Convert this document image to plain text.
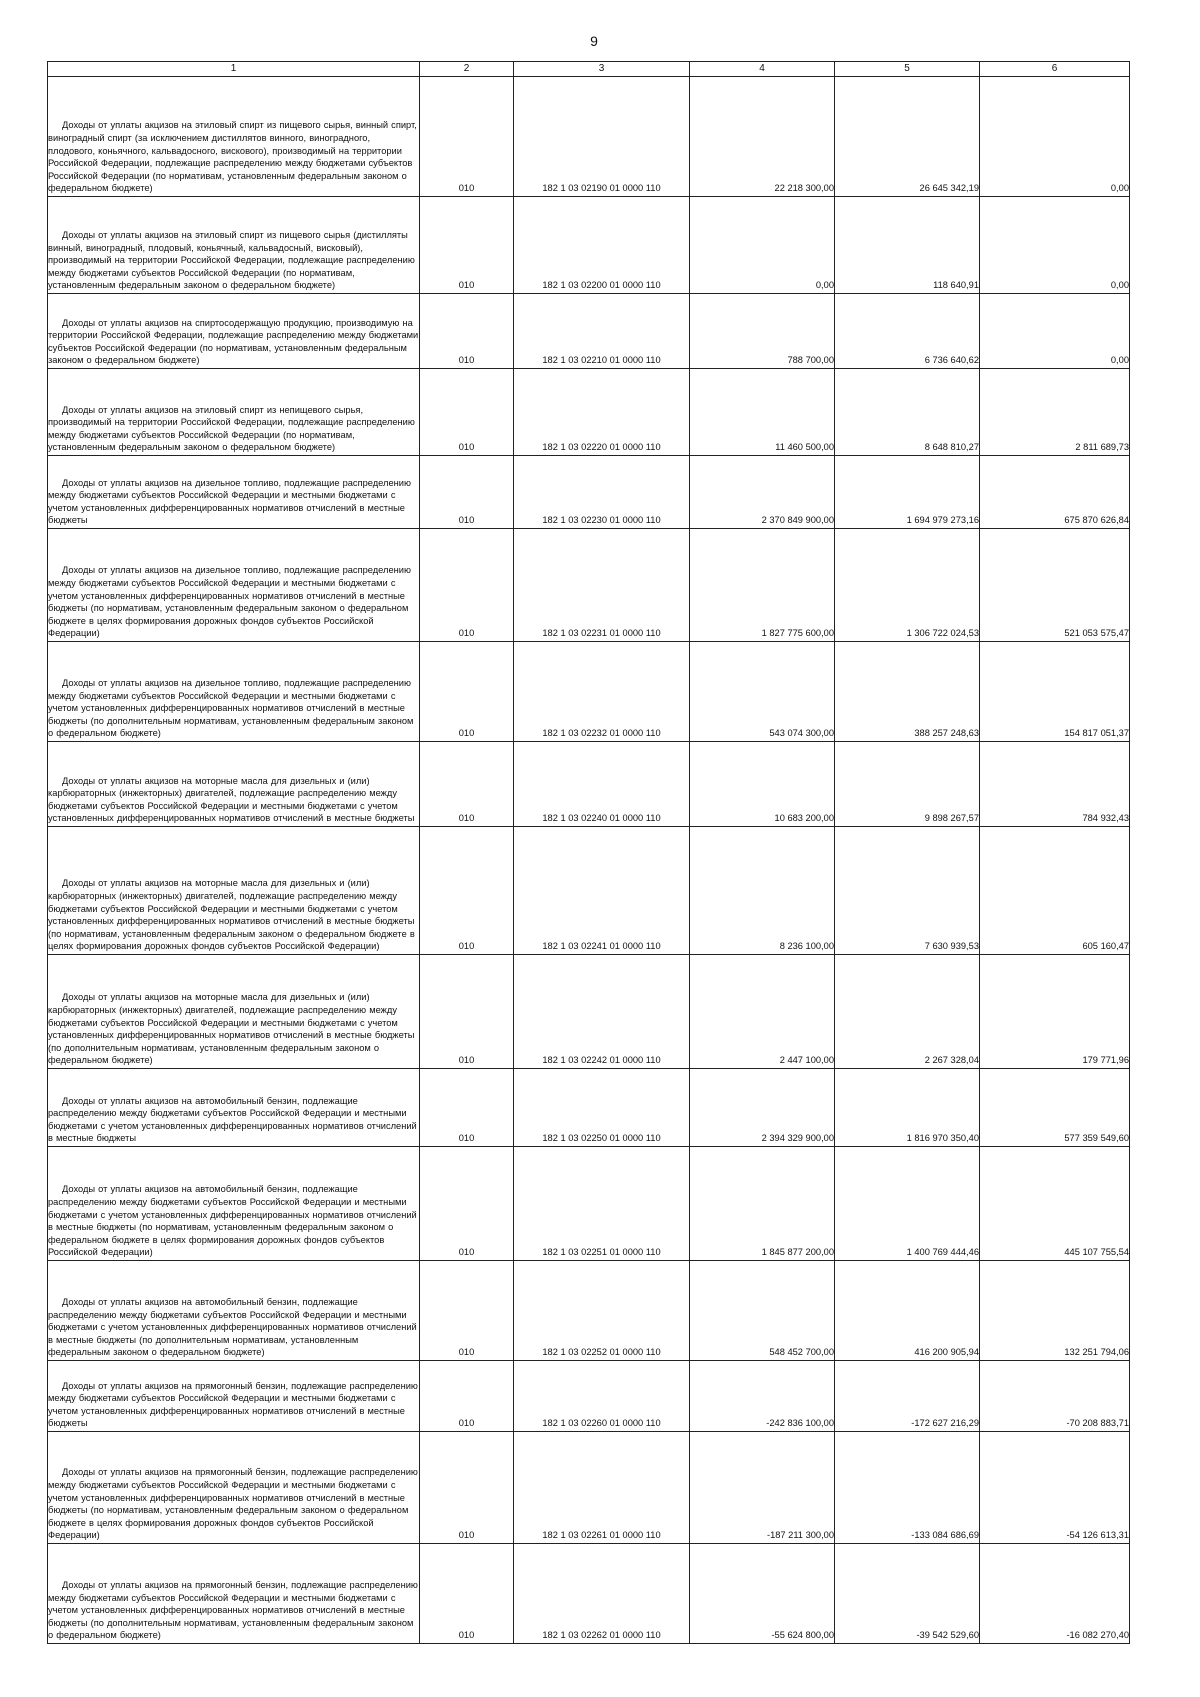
9
1	2	3	4	5	6
Доходы от уплаты акцизов на этиловый спирт из пищевого сырья, винный спирт, виноградный спирт (за исключением дистиллятов винного, виноградного, плодового, коньячного, кальвадосного, вискового), производимый на территории Российской Федерации, подлежащие распределению между бюджетами субъектов Российской Федерации (по нормативам, установленным федеральным законом о федеральном бюджете)	010	182 1 03 02190 01 0000 110	22 218 300,00	26 645 342,19	0,00
Доходы от уплаты акцизов на этиловый спирт из пищевого сырья (дистилляты винный, виноградный, плодовый, коньячный, кальвадосный, висковый), производимый на территории Российской Федерации, подлежащие распределению между бюджетами субъектов Российской Федерации (по нормативам, установленным федеральным законом о федеральном бюджете)	010	182 1 03 02200 01 0000 110	0,00	118 640,91	0,00
Доходы от уплаты акцизов на спиртосодержащую продукцию, производимую на территории Российской Федерации, подлежащие распределению между бюджетами субъектов Российской Федерации (по нормативам, установленным федеральным законом о федеральном бюджете)	010	182 1 03 02210 01 0000 110	788 700,00	6 736 640,62	0,00
Доходы от уплаты акцизов на этиловый спирт из непищевого сырья, производимый на территории Российской Федерации, подлежащие распределению между бюджетами субъектов Российской Федерации (по нормативам, установленным федеральным законом о федеральном бюджете)	010	182 1 03 02220 01 0000 110	11 460 500,00	8 648 810,27	2 811 689,73
Доходы от уплаты акцизов на дизельное топливо, подлежащие распределению между бюджетами субъектов Российской Федерации и местными бюджетами с учетом установленных дифференцированных нормативов отчислений в местные бюджеты	010	182 1 03 02230 01 0000 110	2 370 849 900,00	1 694 979 273,16	675 870 626,84
Доходы от уплаты акцизов на дизельное топливо, подлежащие распределению между бюджетами субъектов Российской Федерации и местными бюджетами с учетом установленных дифференцированных нормативов отчислений в местные бюджеты (по нормативам, установленным федеральным законом о федеральном бюджете в целях формирования дорожных фондов субъектов Российской Федерации)	010	182 1 03 02231 01 0000 110	1 827 775 600,00	1 306 722 024,53	521 053 575,47
Доходы от уплаты акцизов на дизельное топливо, подлежащие распределению между бюджетами субъектов Российской Федерации и местными бюджетами с учетом установленных дифференцированных нормативов отчислений в местные бюджеты (по дополнительным нормативам, установленным федеральным законом о федеральном бюджете)	010	182 1 03 02232 01 0000 110	543 074 300,00	388 257 248,63	154 817 051,37
Доходы от уплаты акцизов на моторные масла для дизельных и (или) карбюраторных (инжекторных) двигателей, подлежащие распределению между бюджетами субъектов Российской Федерации и местными бюджетами с учетом установленных дифференцированных нормативов отчислений в местные бюджеты	010	182 1 03 02240 01 0000 110	10 683 200,00	9 898 267,57	784 932,43
Доходы от уплаты акцизов на моторные масла для дизельных и (или) карбюраторных (инжекторных) двигателей, подлежащие распределению между бюджетами субъектов Российской Федерации и местными бюджетами с учетом установленных дифференцированных нормативов отчислений в местные бюджеты (по нормативам, установленным федеральным законом о федеральном бюджете в целях формирования дорожных фондов субъектов Российской Федерации)	010	182 1 03 02241 01 0000 110	8 236 100,00	7 630 939,53	605 160,47
Доходы от уплаты акцизов на моторные масла для дизельных и (или) карбюраторных (инжекторных) двигателей, подлежащие распределению между бюджетами субъектов Российской Федерации и местными бюджетами с учетом установленных дифференцированных нормативов отчислений в местные бюджеты (по дополнительным нормативам, установленным федеральным законом о федеральном бюджете)	010	182 1 03 02242 01 0000 110	2 447 100,00	2 267 328,04	179 771,96
Доходы от уплаты акцизов на автомобильный бензин, подлежащие распределению между бюджетами субъектов Российской Федерации и местными бюджетами с учетом установленных дифференцированных нормативов отчислений в местные бюджеты	010	182 1 03 02250 01 0000 110	2 394 329 900,00	1 816 970 350,40	577 359 549,60
Доходы от уплаты акцизов на автомобильный бензин, подлежащие распределению между бюджетами субъектов Российской Федерации и местными бюджетами с учетом установленных дифференцированных нормативов отчислений в местные бюджеты (по нормативам, установленным федеральным законом о федеральном бюджете в целях формирования дорожных фондов субъектов Российской Федерации)	010	182 1 03 02251 01 0000 110	1 845 877 200,00	1 400 769 444,46	445 107 755,54
Доходы от уплаты акцизов на автомобильный бензин, подлежащие распределению между бюджетами субъектов Российской Федерации и местными бюджетами с учетом установленных дифференцированных нормативов отчислений в местные бюджеты (по дополнительным нормативам, установленным федеральным законом о федеральном бюджете)	010	182 1 03 02252 01 0000 110	548 452 700,00	416 200 905,94	132 251 794,06
Доходы от уплаты акцизов на прямогонный бензин, подлежащие распределению между бюджетами субъектов Российской Федерации и местными бюджетами с учетом установленных дифференцированных нормативов отчислений в местные бюджеты	010	182 1 03 02260 01 0000 110	-242 836 100,00	-172 627 216,29	-70 208 883,71
Доходы от уплаты акцизов на прямогонный бензин, подлежащие распределению между бюджетами субъектов Российской Федерации и местными бюджетами с учетом установленных дифференцированных нормативов отчислений в местные бюджеты (по нормативам, установленным федеральным законом о федеральном бюджете в целях формирования дорожных фондов субъектов Российской Федерации)	010	182 1 03 02261 01 0000 110	-187 211 300,00	-133 084 686,69	-54 126 613,31
Доходы от уплаты акцизов на прямогонный бензин, подлежащие распределению между бюджетами субъектов Российской Федерации и местными бюджетами с учетом установленных дифференцированных нормативов отчислений в местные бюджеты (по дополнительным нормативам, установленным федеральным законом о федеральном бюджете)	010	182 1 03 02262 01 0000 110	-55 624 800,00	-39 542 529,60	-16 082 270,40
